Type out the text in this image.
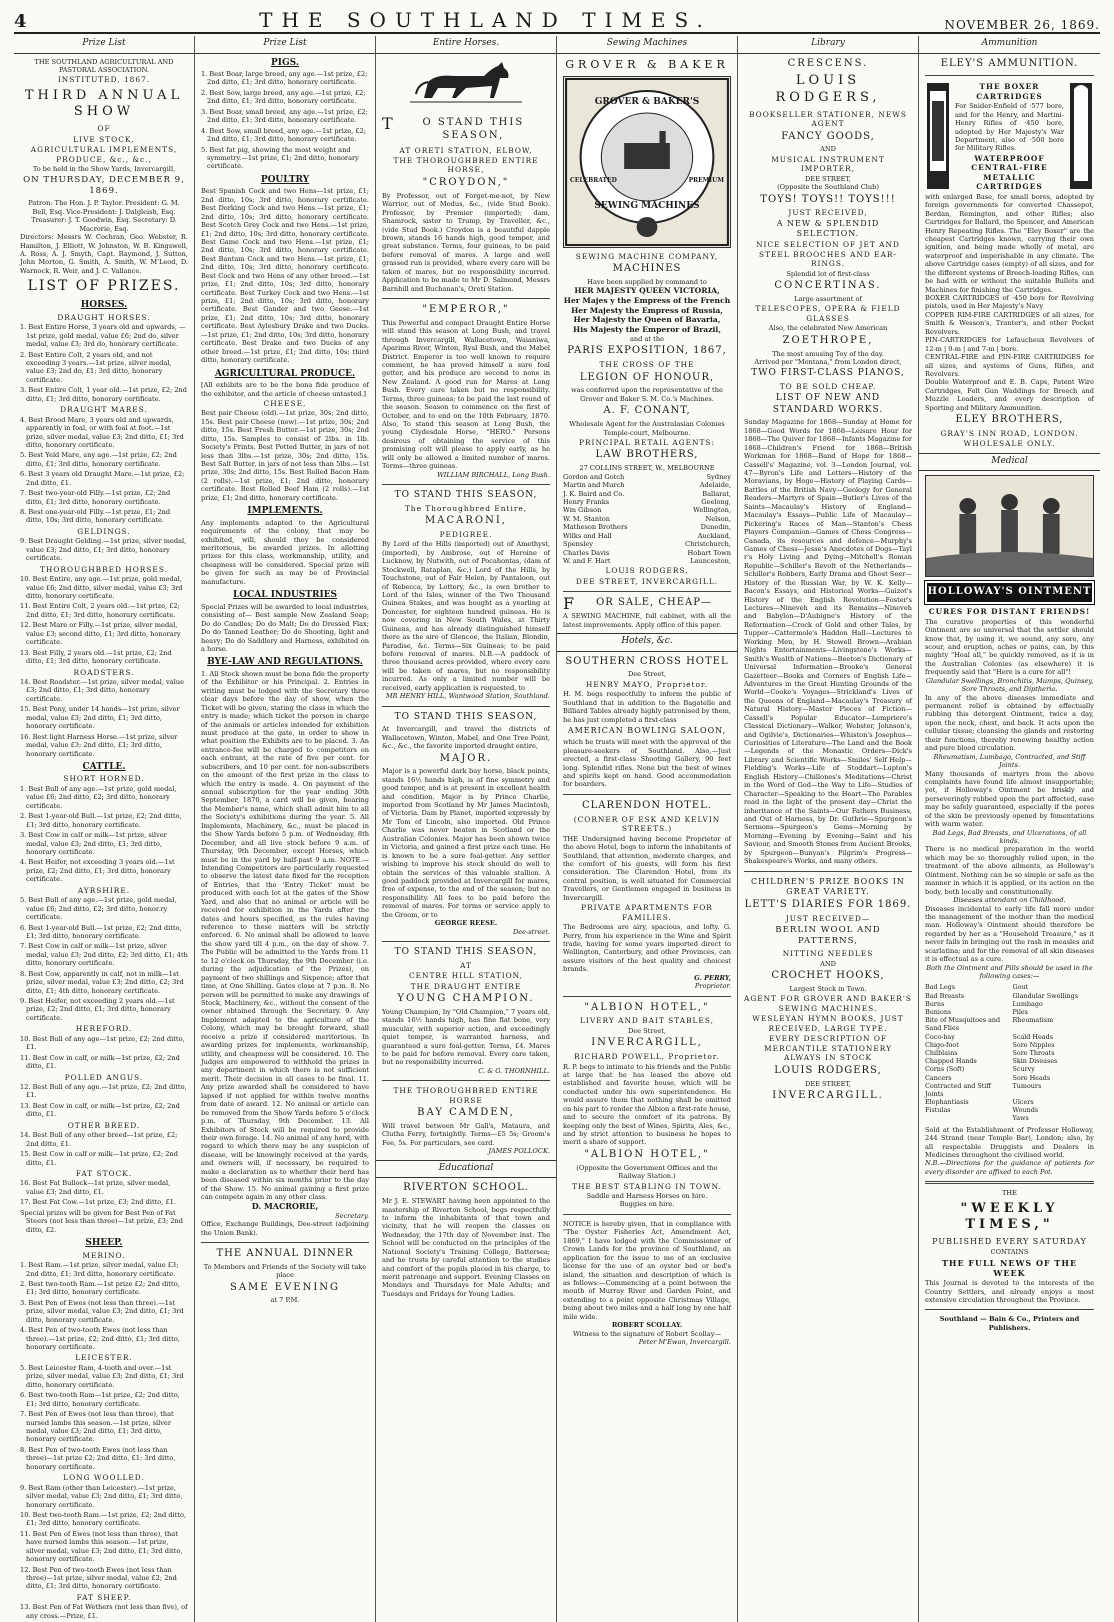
4	THE SOUTHLAND TIMES.	NOVEMBER 26, 1869.
Prize List
THE SOUTHLAND AGRICULTURAL AND PASTORAL ASSOCIATION.
INSTITUTED, 1867.
THIRD ANNUAL SHOW
OF
LIVE STOCK,
AGRICULTURAL IMPLEMENTS, PRODUCE, &c., &c.,
To be held in the Show Yards, Invercargill,
ON THURSDAY, DECEMBER 9, 1869.
Patron: The Hon. J. P. Taylor. President: G. M. Bell, Esq. Vice-President: J. Dalgleish, Esq. Treasurer: J. T. Goodwin, Esq. Secretary: D. Macrorie, Esq.
Directors: Messrs W. Cochran, Geo. Webster, R. Hamilton, J. Elliott, W. Johnston, W. B. Kingswell, A. Ross, A. J. Smyth, Capt. Raymond, J. Sutton, John Morton, G. Smith, A. Smith, W. M'Leod, D. Warnock, R. Weir, and J. C. Vallance.
LIST OF PRIZES.
HORSES.
DRAUGHT HORSES.
1. Best Entire Horse, 3 years old and upwards, —1st prize, gold medal, value £6; 2nd do, silver medal, value £3; 3rd do, honorary certificate.
2. Best Entire Colt, 2 years old, and not exceeding 3 years.—1st prize, silver medal, value £3; 2nd do, £1; 3rd ditto, honorary certificate.
3. Best Entire Colt, 1 year old.—1st prize, £2; 2nd ditto, £1; 3rd ditto, honorary certificate.
DRAUGHT MARES.
4. Best Brood Mare, 3 years old and upwards, apparently in foal, or with foal at foot.—1st prize, silver medal, value £3; 2nd ditto, £1; 3rd ditto, honorary certificate.
5. Best Yeld Mare, any age.—1st prize, £2; 2nd ditto, £1; 3rd ditto, honorary certificate.
6. Best 3 years old Draught Mare.—1st prize, £2; 2nd ditto, £1.
7. Best two-year-old Filly.—1st prize, £2; 2nd ditto, £1; 3rd ditto, honorary certificate.
8. Best one-year-old Filly.—1st prize, £1; 2nd ditto, 10s; 3rd ditto, honorary certificate.
GELDINGS.
9. Best Draught Gelding.—1st prize, silver medal, value £3; 2nd ditto, £1; 3rd ditto, honorary certificate.
THOROUGHBRED HORSES.
10. Best Entire, any age.—1st prize, gold medal, value £6; 2nd ditto, silver medal, value £3; 3rd ditto, honorary certificate.
11. Best Entire Colt, 2 years old.—1st prize, £2; 2nd ditto, £1; 3rd ditto, honorary certificate.
12. Best Mare or Filly.—1st prize, silver medal, value £3; second ditto, £1; 3rd ditto, honorary certificate.
13. Best Filly, 2 years old.—1st prize, £2; 2nd ditto, £1; 3rd ditto, honorary certificate.
ROADSTERS.
14. Best Roadster.—1st prize, silver medal, value £3; 2nd ditto, £1; 3rd ditto, honorary certificate.
15. Best Pony, under 14 hands—1st prize, silver medal, value £3; 2nd ditto, £1; 3rd ditto, honorary certificate.
16. Best light Harness Horse.—1st prize, silver medal, value £3; 2nd ditto, £1; 3rd ditto, honorary certificate.
CATTLE.
SHORT HORNED.
1. Best Bull of any age.—1st prize, gold medal, value £6; 2nd ditto, £2; 3rd ditto, honorary certificate.
2. Best 1-year-old Bull.—1st prize, £2; 2nd ditto, £1; 3rd ditto, honorary certificate.
3. Best Cow in calf or milk—1st prize, silver medal, value £3; 2nd ditto, £1; 3rd ditto, honorary certificate.
4. Best Heifer, not exceeding 3 years old.—1st prize, £2; 2nd ditto, £1; 3rd ditto, honorary certificate.
AYRSHIRE.
5. Best Bull of any age.—1st prize, gold medal, value £6; 2nd ditto, £2; 3rd ditto, honor.ry certificate.
6. Best 1-year-old Bull.—1st prize, £2; 2nd ditto, £1; 3rd ditto, honorary certificate.
7. Best Cow in calf or milk—1st prize, silver medal, value £3; 2nd ditto, £2; 3rd ditto, £1; 4th ditto, honorary certificate.
8. Best Cow, apparently in calf, not in milk—1st prize, silver medal, value £3; 2nd ditto, £2; 3rd ditto, £1; 4th ditto, honorary certificate.
9. Best Heifer, not exceeding 2 years old.—1st prize, £2; 2nd ditto, £1; 3rd ditto, honorary certificate.
HEREFORD.
10. Best Bull of any age—1st prize, £2; 2nd ditto, £1.
11. Best Cow in calf, or milk—1st prize, £2; 2nd ditto, £1.
POLLED ANGUS.
12. Best Bull of any age.—1st prize, £2; 2nd ditto, £1.
13. Best Cow in calf, or milk—1st prize, £2; 2nd ditto, £1.
OTHER BREED.
14. Best Bull of any other breed—1st prize, £2; 2nd ditto, £1.
15. Best Cow in calf or milk—1st prize, £2; 2nd ditto, £1.
FAT STOCK.
16. Best Fat Bullock—1st prize, silver medal, value £3; 2nd ditto, £1.
17. Best Fat Cow.—1st prize, £3; 2nd ditto, £1.
Special prizes will be given for Best Pen of Fat Steers (not less than three)—1st prize, £3; 2nd ditto, £2.
SHEEP.
MERINO.
1. Best Ram.—1st prize, silver medal, value £3; 2nd ditto, £1; 3rd ditto, honorary certificate.
2. Best two-tooth Ram.—1st prize £2; 2nd ditto, £1; 3rd ditto, honorary certificate.
3. Best Pen of Ewes (not less than three).—1st prize, silver medal, value £3; 2nd ditto, £1; 3rd ditto, honorary certificate.
4. Best Pen of two-tooth Ewes (not less than three).—1st prize, £2; 2nd ditto, £1; 3rd ditto, honorary certificate.
LEICESTER.
5. Best Leicester Ram, 4-tooth and over.—1st prize, silver medal, value £3; 2nd ditto, £1; 3rd ditto, honorary certificate.
6. Best two-tooth Ram—1st prize, £2; 2nd ditto, £1; 3rd ditto, honorary certificate.
7. Best Pen of Ewes (not less than three), that nursed lambs this season.—1st prize, silver medal, value £3; 2nd ditto, £1; 3rd ditto, honorary certificate.
8. Best Pen of two-tooth Ewes (not less than three)—1st prize £2; 2nd ditto, £1; 3rd ditto, honorary certificate.
LONG WOOLLED.
9. Best Ram (other than Leicester).—1st prize, silver medal, value £3; 2nd ditto, £1; 3rd ditto, honorary certificate.
10. Best two-tooth Ram.—1st prize, £2; 2nd ditto, £1; 3rd ditto, honorary certificate.
11. Best Pen of Ewes (not less than three), that have nursed lambs this season.—1st prize, silver medal, value £3; 2nd ditto, £1; 3rd ditto, honorary certificate.
12. Best Pen of two-tooth Ewes (not less than three)—1st prize, silver medal, value £2; 2nd ditto, £1; 3rd ditto, honorary certificate.
FAT SHEEP.
13. Best Pen of Fat Wethers (not less than five), of any cross.—Prize, £1.
Prize List
PIGS.
1. Best Boar, large breed, any age.—1st prize, £2; 2nd ditto, £1; 3rd ditto, honorary certificate.
2. Best Sow, large breed, any age.—1st prize, £2; 2nd ditto, £1; 3rd ditto, honorary certificate.
3. Best Boar, small breed, any age.—1st prize, £2; 2nd ditto, £1; 3rd ditto, honorary certificate.
4. Best Sow, small breed, any age.—1st prize, £2; 2nd ditto, £1; 3rd ditto, honorary certificate.
5. Best fat pig, showing the most weight and symmetry.—1st prize, £1; 2nd ditto, honorary certificate.
POULTRY
Best Spanish Cock and two Hens—1st prize, £1; 2nd ditto, 10s; 3rd ditto, honorary certificate. Best Dorking Cock and two Hens.—1st prize, £1; 2nd ditto, 10s; 3rd ditto, honorary certificate. Best Scotch Grey Cock and two Hens.—1st prize, £1; 2nd ditto, 10s; 3rd ditto, honorary certificate. Best Game Cock and two Hens.—1st prize, £1; 2nd ditto, 10s; 3rd ditto, honorary certificate. Best Bantam Cock and two Hens.—1st prize, £1; 2nd ditto, 10s; 3rd ditto, honorary certificate. Best Cock and two Hens of any other breed.—1st prize, £1; 2nd ditto, 10s; 3rd ditto, honorary certificate. Best Turkey Cock and two Hens.—1st prize, £1; 2nd ditto, 10s; 3rd ditto, honorary certificate. Best Gander and two Geese.—1st prize, £1; 2nd ditto, 10s; 3rd ditto, honorary certificate. Best Aylesbury Drake and two Ducks.—1st prize, £1; 2nd ditto, 10s; 3rd ditto, honorary certificate. Best Drake and two Ducks of any other breed.—1st prize, £1; 2nd ditto, 10s; third ditto, honorary certificate.
AGRICULTURAL PRODUCE.
[All exhibits are to be the bona fide produce of the exhibitor, and the article of cheese untasted.]
CHEESE.
Best pair Cheese (old).—1st prize, 30s; 2nd ditto, 15s. Best pair Cheese (new).—1st prize, 30s; 2nd ditto, 15s. Best Fresh Butter.—1st prize, 30s; 2nd ditto, 15s. Samples to consist of 2lbs. in 1lb. Society's Prints. Best Potted Butter, in jars of not less than 3lbs.—1st prize, 30s; 2nd ditto, 15s. Best Salt Butter, in jars of not less than 5lbs.—1st prize, 30s; 2nd ditto, 15s. Best Rolled Bacon Ham (2 rolls).—1st prize, £1; 2nd ditto, honorary certificate. Best Rolled Beef Ham (2 rolls).—1st prize, £1; 2nd ditto, honorary certificate.
IMPLEMENTS.
Any implements adapted to the Agricultural requirements of the colony, that may be exhibited, will, should they be considered meritorious, be awarded prizes. In allotting prizes for this class, workmanship, utility, and cheapness will be considered. Special prize will be given for such as may be of Provincial manufacture.
LOCAL INDUSTRIES
Special Prizes will be awarded to local industries, consisting of— Best sample New Zealand Soap; Do do Candles; Do do Malt; Do do Dressed Flax; Do do Tanned Leather; Do do Shooting, light and heavy; Do do Saddlery and Harness, exhibited on a horse.
BYE-LAW AND REGULATIONS.
1. All Stock shown must be bona fide the property of the Exhibitor or his Principal. 2. Entries in writing must be lodged with the Secretary three clear days before the day of show, when the Ticket will be given, stating the class in which the entry is made; which ticket the person in charge of the animals or articles intended for exhibition must produce at the gate, in order to show in what position the Exhibits are to be placed. 3. An entrance-fee will be charged to competitors on each entrant, at the rate of five per cent. for subscribers, and 10 per cent. for non-subscribers on the amount of the first prize in the class to which the entry is made. 4. On payment of the annual subscription for the year ending 30th September, 1870, a card will be given, bearing the Member's name, which shall admit him to all the Society's exhibitions during the year. 5. All Implements, Machinery, &c., must be placed in the Show Yards before 5 p.m. of Wednesday, 8th December, and all live stock before 9 a.m. of Thursday, 9th December, except Horses, which must be in the yard by half-past 9 a.m. NOTE.—Intending Competitors are particularly requested to observe the latest date fixed for the reception of Entries, that the 'Entry Ticket' must be produced with each lot at the gates of the Show Yard, and also that no animal or article will be received for exhibition in the Yards after the dates and hours specified, as the rules having reference to these matters will be strictly enforced. 6. No animal shall be allowed to leave the show yard till 4 p.m., on the day of show. 7. The Public will be admitted to the Yards from 11 to 12 o'clock on Thursday, the 9th December (i.e. during the adjudication of the Prizes), on payment of two shillings and Sixpence; after that time, at One Shilling. Gates close at 7 p.m. 8. No person will be permitted to make any drawings of Stock, Machinery, &c., without the consent of the owner obtained through the Secretary. 9. Any Implement adapted to the agriculture of the Colony, which may be brought forward, shall receive a prize if considered meritorious. In awarding prizes for implements, workmanship, utility, and cheapness will be considered. 10. The Judges are empowered to withhold the prizes in any department in which there is not sufficient merit. Their decision in all cases to be final. 11. Any prize awarded shall be considered to have lapsed if not applied for within twelve months from date of award. 12. No animal or article can be removed from the Show Yards before 5 o'clock p.m. of Thursday, 9th December. 13. All Exhibitors of Stock will be required to provide their own forage. 14. No animal of any herd, with regard to which there may be any suspicion of disease, will be knowingly received at the yards, and owners will, if necessary, be required to make a declaration as to whether their herd has been diseased within six months prior to the day of the Show. 15. No animal gaining a first prize can compete again in any other class.
D. MACRORIE,
Secretary.
Office, Exchange Buildings, Dee-street (adjoining the Union Bank).
THE ANNUAL DINNER
To Members and Friends of the Society will take place
SAME EVENING
at 7 P.M.
Entire Horses.
TO STAND THIS SEASON,
AT ORETI STATION, ELBOW,
THE THOROUGHBRED ENTIRE HORSE,
"CROYDON,"
By Professor, out of Forget-me-not, by New Warrior, out of Modus, &c., (vide Stud Book). Professor, by Premier (imported); dam, Shamrock, sister to Trump, by Traveller, &c., (vide Stud Book.) Croydon is a beautiful dapple brown, stands 16 hands high, good temper, and great substance. Terms, four guineas, to be paid before removal of mares. A large and well grassed run is provided, where every care will be taken of mares, but no responsibility incurred. Application to be made to Mr D. Salmond, Messrs Barnhill and Buchanan's, Oreti Station.
"EMPEROR,"
This Powerful and compact Draught Entire Horse will stand this season at Long Bush, and travel through Invercargill, Wallacetown, Waianiwa, Aparima River, Winton, Ryal Bush, and the Mabel District. Emperor is too well known to require comment, he has proved himself a sure foal getter, and his produce are second to none in New Zealand. A good run for Mares at Long Bush. Every care taken but no responsibility. Terms, three guineas; to be paid the last round of the season. Season to commence on the first of October, and to end on the 10th February, 1870. Also, To stand this season at Long Bush, the young Clydesdale Horse, "HERO." Persons desirous of obtaining the service of this promising colt will please to apply early, as he will only be allowed a limited number of mares. Terms—three guineas.
WILLIAM BIRCHALL, Long Bush.
TO STAND THIS SEASON,
The Thoroughbred Entire,
MACARONI,
PEDIGREE.
By Lord of the Hills (imported) out of Amethyst, (imported), by Ambrose, out of Heroine of Lucknow, by Nutwith, out of Pocahontas, (dam of Stockwell, Rataplan, &c.) Lord of the Hills, by Touchstone, out of Fair Helen, by Pantaloon, out of Rebecca, by Lottery, &c., is own brother to Lord of the Isles, winner of the Two Thousand Guinea Stakes, and was bought as a yearling at Doncaster, for eighteen hundred guineas. He is now covering in New South Wales, at Thirty Guineas, and has already distinguished himself there as the sire of Glencoe, the Italian, Blondin, Paradise, &c. Terms—Six Guineas; to be paid before removal of mares. N.B.—A paddock of three thousand acres provided, where every care will be taken of mares, but no responsibility incurred. As only a limited number will be received, early application is requested, to
MR HENRY HILL, Wantwood Station, Southland.
TO STAND THIS SEASON,
At Invercargill, and travel the districts of Wallacetown, Winton, Mabel, and One Tree Point, &c., &c., the favorite imported draught entire,
MAJOR.
Major is a powerful dark bay horse, black points, stands 16½ hands high, is of fine symmetry and good temper, and is at present in excellent health and condition. Major is by Prince Charlie, imported from Scotland by Mr James Macintosh, of Victoria. Dam by Planet, imported expressly by Mr Tom of Lincoln, also imported. Old Prince Charlie was never beaten in Scotland or the Australian Colonies. Major has been shown twice in Victoria, and gained a first prize each time. He is known to be a sure foal-getter. Any settler wishing to improve his stock should do well to obtain the services of this valuable stallion. A good paddock provided at Invercargill for mares, free of expense, to the end of the season; but no responsibility. All fees to be paid before the removal of mares. For terms or service apply to the Groom, or to
GEORGE REESE.
Dee-street.
TO STAND THIS SEASON,
AT
CENTRE HILL STATION,
THE DRAUGHT ENTIRE
YOUNG CHAMPION.
Young Champion, by "Old Champion," 7 years old, stands 16½ hands high, has fine flat bone, very muscular, with superior action, and exceedingly quiet temper, is warranted harness, and guaranteed a sure foal-getter. Terms, £4. Mares to be paid for before removal. Every care taken, but no responsibility incurred.
C. & G. THORNHILL.
THE THOROUGHBRED ENTIRE HORSE
BAY CAMDEN,
Will travel between Mr Gall's, Mataura, and Clutha Ferry, fortnightly. Terms—£5 5s; Groom's Fee, 5s. For particulars, see card.
JAMES POLLOCK.
Educational
RIVERTON SCHOOL.
Mr J. E. STEWART having been appointed to the mastership of Riverton School, begs respectfully to inform the inhabitants of that town and vicinity, that he will reopen the classes on Wednesday, the 17th day of November inst. The School will be conducted on the principles of the National Society's Training College, Battersea; and he trusts by careful attention to the studies and comfort of the pupils placed in his charge, to merit patronage and support. Evening Classes on Mondays and Thursdays for Male Adults; and Tuesdays and Fridays for Young Ladies.
Sewing Machines
GROVER & BAKER
GROVER & BAKER'S
SEWING MACHINES
CELEBRATED	PREMIUM
SEWING MACHINE COMPANY,
MACHINES
Have been supplied by command to
HER MAJESTY QUEEN VICTORIA,
Her Majes y the Empress of the French
Her Majesty the Empress of Russia,
Her Majesty the Queen of Bavaria,
His Majesty the Emperor of Brazil,
and at the
PARIS EXPOSITION, 1867,
THE CROSS OF THE
LEGION OF HONOUR,
was conferred upon the representative of the Grover and Baker S. M. Co.'s Machines.
A. F. CONANT,
Wholesale Agent for the Australasian Colonies
Temple-court, Melbourne.
PRINCIPAL RETAIL AGENTS:
LAW BROTHERS,
27 COLLINS STREET, W., MELBOURNE
Gordon and Gotch	Sydney
Martin and Murch	Adelaide,
J. K. Baird and Co.	Ballarat,
Henry Franks	Geelong,
Wm Gibson	Wellington,
W. M. Stanton	Nelson,
Matheson Brothers	Dunedin,
Wilks and Hall	Auckland,
Spensley	Christchurch,
Charles Davis	Hobart Town
W. and F. Hart	Launceston,
LOUIS RODGERS,
DEE STREET, INVERCARGILL.
FOR SALE, CHEAP—
A SEWING MACHINE, full cabinet, with all the latest improvements. Apply office of this paper.
Hotels, &c.
SOUTHERN CROSS HOTEL
Dee Street,
HENRY MAYO, Proprietor.
H. M. begs respectfully to inform the public of Southland that in addition to the Bagatelle and Billiard Tables already highly patronised by them, he has just completed a first-class
AMERICAN BOWLING SALOON,
which he trusts will meet with the approval of the pleasure-seekers of Southland. Also,—Just erected, a first-class Shooting Gallery, 90 feet long. Splendid rifles. None but the best of wines and spirits kept on hand. Good accommodation for boarders.
CLARENDON HOTEL.
(CORNER OF ESK AND KELVIN STREETS.)
THE Undersigned having become Proprietor of the above Hotel, begs to inform the inhabitants of Southland, that attention, moderate charges, and the comfort of his guests, will form his first consideration. The Clarendon Hotel, from its central position, is well situated for Commercial Travellers, or Gentlemen engaged in business in Invercargill.
PRIVATE APARTMENTS FOR FAMILIES.
The Bedrooms are airy, spacious, and lofty. G. Perry, from his experience in the Wine and Spirit trade, having for some years imported direct to Wellington, Canterbury, and other Provinces, can assure visitors of the best quality and choicest brands.
G. PERRY,
Proprietor.
"ALBION HOTEL,"
LIVERY AND BAIT STABLES,
Dee Street,
INVERCARGILL,
RICHARD POWELL, Proprietor.
R. P. begs to intimate to his friends and the Public at large that he has leased the above old established and favorite house, which will be conducted under his own superintendence. He would assure them that nothing shall be omitted on his part to render the Albion a first-rate house, and to secure the comfort of its patrons. By keeping only the best of Wines, Spirits, Ales, &c., and by strict attention to business he hopes to merit a share of support.
"ALBION HOTEL,"
(Opposite the Government Offices and the Railway Station.)
THE BEST STABLING IN TOWN.
Saddle and Harness Horses on hire.
Buggies on hire.
NOTICE is hereby given, that in compliance with "The Oyster Fisheries Act, Amendment Act, 1869," I have lodged with the Commissioner of Crown Lands for the province of Southland, an application for the issue to me of an exclusive license for the use of an oyster bed or bed's island, the situation and description of which is as follows:—Commencing at a point between the mouth of Murray River and Garden Point, and extending to a point opposite Christmas Village, being about two miles and a half long by one half mile wide.
ROBERT SCOLLAY.
Witness to the signature of Robert Scollay—
Peter M'Ewan, Invercargill.
Library
CRESCENS.
LOUIS RODGERS,
BOOKSELLER STATIONER, NEWS AGENT
FANCY GOODS,
AND
MUSICAL INSTRUMENT IMPORTER,
DEE STREET,
(Opposite the Southland Club)
TOYS! TOYS!! TOYS!!!
JUST RECEIVED,
A NEW & SPLENDID SELECTION.
NICE SELECTION OF JET AND STEEL BROOCHES AND EAR-RINGS.
Splendid lot of first-class
CONCERTINAS.
Large assortment of
TELESCOPES, OPERA & FIELD GLASSES
Also, the celebrated New American
ZOETHROPE,
The most amusing Toy of the day.
Arrived per "Montana," from London direct,
TWO FIRST-CLASS PIANOS,
TO BE SOLD CHEAP.
LIST OF NEW AND STANDARD WORKS.
Sunday Magazine for 1868—Sunday at Home for 1868—Good Words for 1868—Leisure Hour for 1868—The Quiver for 1868—Infants Magazine for 1868—Children's Friend for 1868—British Workman for 1868—Band of Hope for 1868—Cassell's' Magazine, vol. 3—London Journal, vol. 47—Byron's Life and Letters—History of the Moravians, by Hoge—History of Playing Cards—Battles of the British Navy—Geology for General Readers—Martyrs of Spain—Butler's Lives of the Saints—Macaulay's History of England—Macaulay's Essays—Public Life of Macaulay—Pickering's Races of Man—Stanton's Chess Players Companion—Games of Chess Congress—Canada, its resources and defence—Murphy's Games of Chess—Jesse's Anecdotes of Dogs—Tayl r's Holy Living and Dying—Mitchell's Roman Republic—Schiller's Revolt of the Netherlands—Schiller's Robbers, Early Drama and Ghost Seer—History of the Russian War, by W. K. Kelly—Bacon's Essays, and Historical Works—Guizot's History of the English Revolution—Foster's Lectures—Nineveh and its Remains—Nineveh and Babylon—D'Aubigne's History of the Reformation—Crock of Gold and other Tales, by Tupper—Cattermole's Haddon Hall—Lectures to Working Men, by H. Stowell Brown—Arabian Nights Entertainments—Livingstone's Works—Smith's Wealth of Nations—Beeton's Dictionary of Universal Information—Brooke's General Gazetteer—Books and Corners of English Life—Adventures in the Great Hunting Grounds of the World—Cooke's Voyages—Strickland's Lives of the Queens of England—Macaulay's Treasury of Natural History—Master Pieces of Fiction—Cassell's Popular Educator—Lempriere's Classical Dictionary—Walker, Webster, Johnson's, and Ogilvie's, Dictionaries—Whiston's Josephus—Curiosities of Literature—The Land and the Book—Legends of the Monastic Orders—Dick's Library and Scientific Works—Smiles' Self Help—Fielding's Works—Life of Stoddart—Lupton's English History—Chillones's Meditations—Christ in the Word of God—the Way to Life—Studies of Character—Speaking to the Heart—The Parables read in the light of the present day—Christ the inheritance of the Saints—Our Fathers Business, and Out of Harness, by Dr. Guthrie—Spurgeon's Sermons—Spurgeon's Gems—Morning by Morning—Evening by Evening—Saint and his Saviour, and Smooth Stones from Ancient Brooks, by Spurgeon—Bunyan's Pilgrim's Progress—Shakespeare's Works, and many others.
CHILDREN'S PRIZE BOOKS IN GREAT VARIETY.
LETT'S DIARIES FOR 1869.
JUST RECEIVED—
BERLIN WOOL AND PATTERNS,
NITTING NEEDLES
AND
CROCHET HOOKS,
Largest Stock in Town.
AGENT FOR GROVER AND BAKER'S SEWING MACHINES.
WESLEYAN HYMN BOOKS, JUST RECEIVED, LARGE TYPE.
EVERY DESCRIPTION OF MERCANTILE STATIONERY ALWAYS IN STOCK
LOUIS RODGERS,
DEE STREET,
INVERCARGILL.
Ammunition
ELEY'S AMMUNITION.
THE BOXER CARTRIDGES
For Snider-Enfield of ·577 bore, and for the Henry, and Martini-Henry Rifles of ·450 bore, adopted by Her Majesty's War Department, also of ·500 bore for Military Rifles.
WATERPROOF CENTRAL-FIRE METALLIC CARTRIDGES
with enlarged Base, for small bores, adopted by foreign governments for converted Chassepot, Berdan, Remington, and other Rifles; also Cartridges for Ballard, the Spencer, and American Henry Repeating Rifles. The "Eley Boxer" are the cheapest Cartridges known, carrying their own ignition, and being made wholly of metal, are waterproof and imperishable in any climate. The above Cartridge cases (empty) of all sizes, and for the different systems of Breech-loading Rifles, can be had with or without the suitable Bullets and Machines for finishing the Cartridges.
BOXER CARTRIDGES of ·450 bore for Revolving pistols, used in Her Majesty's Navy
COPPER RIM-FIRE CARTRIDGES of all sizes, for Smith & Wesson's, Tranter's, and other Pocket Revolvers.
PIN-CARTRIDGES for Lefaucheux Revolvers of 12-m | 9-m | and 7-m | bore.
CENTRAL-FIRE and PIN-FIRE CARTRIDGES for all sizes, and systems of Guns, Rifles, and Revolvers.
Double Waterproof and E. B. Caps, Patent Wire Cartridges, Felt Gun Waddings for Breech and Muzzle Loaders, and every description of Sporting and Military Ammunition.
ELEY BROTHERS,
GRAY'S INN ROAD, LONDON.
WHOLESALE ONLY.
Medical
HOLLOWAY'S OINTMENT
CURES FOR DISTANT FRIENDS!
The curative properties of this wonderful Ointment are so universal that the settler should know that, by using it, we sound, any sore, any scour, and eruption, aches or pains, can, by this mighty "Heal all," be quickly removed, as it is in the Australian Colonies (as elsewhere) it is frequently said that "Here is a cure for all"!
Glandular Swellings, Bronchitis, Mumps, Quinsey, Sore Throats, and Diptheria.
In any of the above diseases immediate and permanent relief is obtained by effectually rubbing this detergent Ointment, twice a day, upon the neck, chest, and back. It acts upon the cellular tissue; cleansing the glands and restoring their functions, thereby renewing healthy action and pure blood circulation.
Rheumatism, Lumbago, Contracted, and Stiff Joints.
Many thousands of martyrs from the above complaints have found life almost insupportable; yet, if Holloway's Ointment be briskly and perseveringly rubbed upon the part affected, ease may be safely guaranteed, especially if the pores of the skin be previously opened by fomentations with warm water.
Bad Legs, Bad Breasts, and Ulcerations, of all kinds.
There is no medical preparation in the world which may be so thoroughly relied upon, in the treatment of the above ailments, as Holloway's Ointment. Nothing can be so simple or safe as the manner in which it is applied, or its action on the body, both locally and constitutionally.
Diseases attendant on Childhood.
Diseases incidental to early life fall more under the management of the mother than the medical man. Holloway's Ointment should therefore be regarded by her as a "Household Treasure," as it never fails in bringing out the rash in measles and scarlatina; and for the removal of all skin diseases it is effectual as a cure.
Both the Ointment and Pills should be used in the following cases:—
Bad Legs	Gout
Bad Breasts	Glandular Swellings
Burns	Lumbago
Bunions	Piles
Bite of Musquitoes and Sand Flies
Rheumatism
Coco-bay	Scald Heads
Chigo-foot	Sore Nipples
Chilblains	Sore Throats
Chapped Hands	Skin Diseases
Corns (Soft)	Scurvy
Cancers	Sore Heads
Contracted and Stiff Joints
Tumours
Elephantiasis	Ulcers
Fistulas	Wounds
Yaws
Sold at the Establishment of Professor Holloway, 244 Strand (near Temple Bar), London; also, by all respectable Druggists and Dealers in Medicines throughout the civilised world.
N.B.—Directions for the guidance of patients for every disorder are affixed to each Pot.
THE
"WEEKLY TIMES,"
PUBLISHED EVERY SATURDAY
CONTAINS
THE FULL NEWS OF THE WEEK
This Journal is devoted to the interests of the Country Settlers, and already enjoys a most extensive circulation throughout the Province.
Southland — Bain & Co., Printers and Publishers.
